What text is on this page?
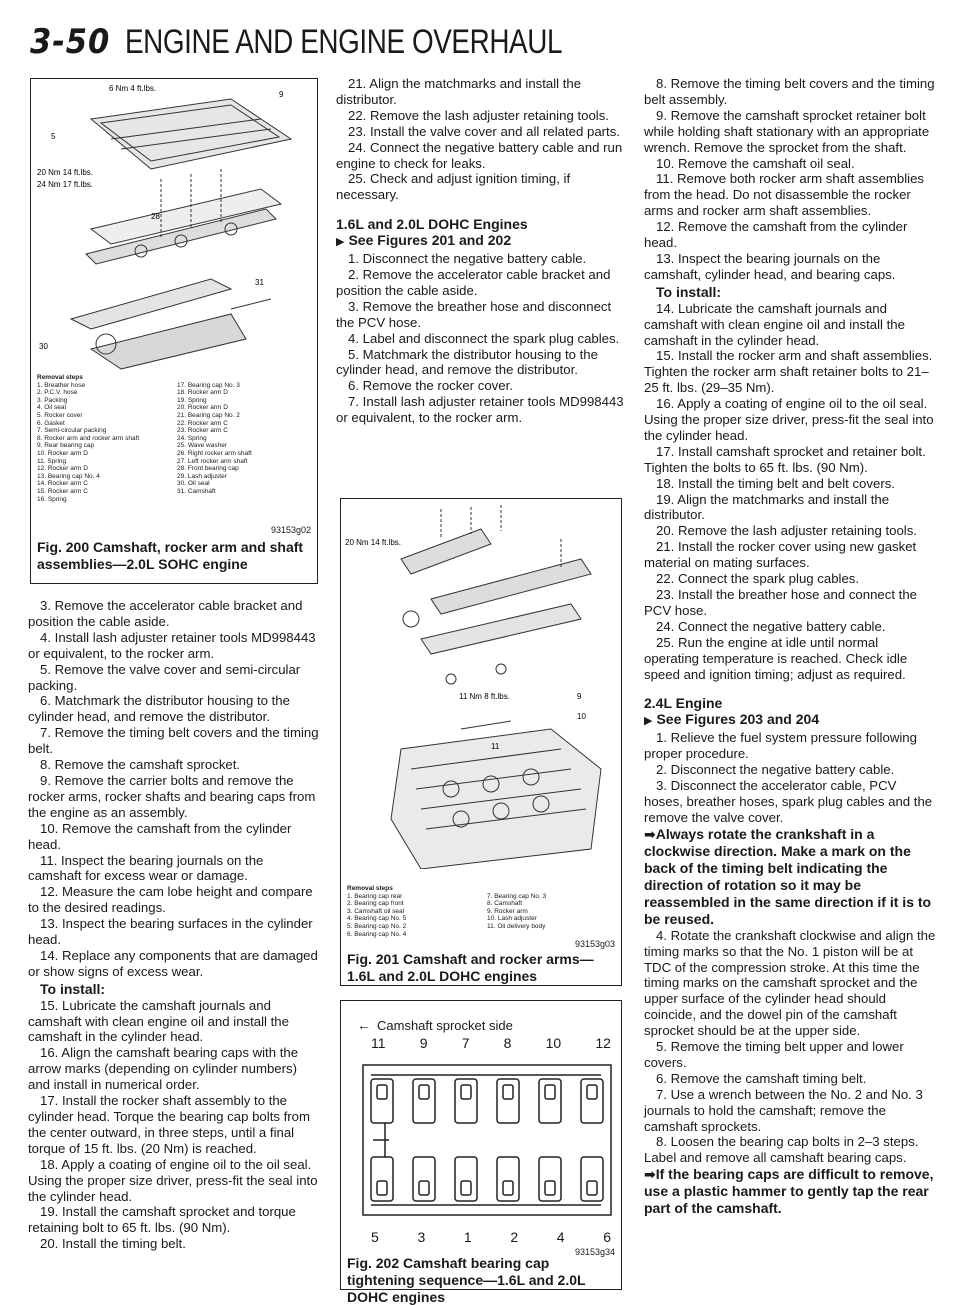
3-50 ENGINE AND ENGINE OVERHAUL
6 Nm 4 ft.lbs.
20 Nm 14 ft.lbs.
24 Nm 17 ft.lbs.
5
9
28
31
30
Removal steps
1. Breather hose
2. P.C.V. hose
3. Packing
4. Oil seal
5. Rocker cover
6. Gasket
7. Semi-circular packing
8. Rocker arm and rocker arm shaft
9. Rear bearing cap
10. Rocker arm D
11. Spring
12. Rocker arm D
13. Bearing cap No. 4
14. Rocker arm C
15. Rocker arm C
16. Spring
17. Bearing cap No. 3
18. Rocker arm D
19. Spring
20. Rocker arm D
21. Bearing cap No. 2
22. Rocker arm C
23. Rocker arm C
24. Spring
25. Wave washer
26. Right rocker arm shaft
27. Left rocker arm shaft
28. Front bearing cap
29. Lash adjuster
30. Oil seal
31. Camshaft
93153g02
Fig. 200 Camshaft, rocker arm and shaft assemblies—2.0L SOHC engine

3. Remove the accelerator cable bracket and position the cable aside.

4. Install lash adjuster retainer tools MD998443 or equivalent, to the rocker arm.

5. Remove the valve cover and semi-circular packing.

6. Matchmark the distributor housing to the cylinder head, and remove the distributor.

7. Remove the timing belt covers and the timing belt.

8. Remove the camshaft sprocket.

9. Remove the carrier bolts and remove the rocker arms, rocker shafts and bearing caps from the engine as an assembly.

10. Remove the camshaft from the cylinder head.

11. Inspect the bearing journals on the camshaft for excess wear or damage.

12. Measure the cam lobe height and compare to the desired readings.

13. Inspect the bearing surfaces in the cylinder head.

14. Replace any components that are damaged or show signs of excess wear.

To install:

15. Lubricate the camshaft journals and camshaft with clean engine oil and install the camshaft in the cylinder head.

16. Align the camshaft bearing caps with the arrow marks (depending on cylinder numbers) and install in numerical order.

17. Install the rocker shaft assembly to the cylinder head. Torque the bearing cap bolts from the center outward, in three steps, until a final torque of 15 ft. lbs. (20 Nm) is reached.

18. Apply a coating of engine oil to the oil seal. Using the proper size driver, press-fit the seal into the cylinder head.

19. Install the camshaft sprocket and torque retaining bolt to 65 ft. lbs. (90 Nm).

20. Install the timing belt.

21. Align the matchmarks and install the distributor.

22. Remove the lash adjuster retaining tools.

23. Install the valve cover and all related parts.

24. Connect the negative battery cable and run engine to check for leaks.

25. Check and adjust ignition timing, if necessary.

1.6L and 2.0L DOHC Engines

▶ See Figures 201 and 202

1. Disconnect the negative battery cable.

2. Remove the accelerator cable bracket and position the cable aside.

3. Remove the breather hose and disconnect the PCV hose.

4. Label and disconnect the spark plug cables.

5. Matchmark the distributor housing to the cylinder head, and remove the distributor.

6. Remove the rocker cover.

7. Install lash adjuster retainer tools MD998443 or equivalent, to the rocker arm.

20 Nm 14 ft.lbs.
11 Nm 8 ft.lbs.	9
10
11
Removal steps
1. Bearing cap rear
2. Bearing cap front
3. Camshaft oil seal
4. Bearing cap No. 5
5. Bearing cap No. 2
6. Bearing cap No. 4
7. Bearing cap No. 3
8. Camshaft
9. Rocker arm
10. Lash adjuster
11. Oil delivery body
93153g03
Fig. 201 Camshaft and rocker arms—1.6L and 2.0L DOHC engines
← Camshaft sprocket side
11 9 7 8 10 12
5	3	1	2	4	6
93153g34
Fig. 202 Camshaft bearing cap tightening sequence—1.6L and 2.0L DOHC engines

8. Remove the timing belt covers and the timing belt assembly.

9. Remove the camshaft sprocket retainer bolt while holding shaft stationary with an appropriate wrench. Remove the sprocket from the shaft.

10. Remove the camshaft oil seal.

11. Remove both rocker arm shaft assemblies from the head. Do not disassemble the rocker arms and rocker arm shaft assemblies.

12. Remove the camshaft from the cylinder head.

13. Inspect the bearing journals on the camshaft, cylinder head, and bearing caps.

To install:

14. Lubricate the camshaft journals and camshaft with clean engine oil and install the camshaft in the cylinder head.

15. Install the rocker arm and shaft assemblies. Tighten the rocker arm shaft retainer bolts to 21–25 ft. lbs. (29–35 Nm).

16. Apply a coating of engine oil to the oil seal. Using the proper size driver, press-fit the seal into the cylinder head.

17. Install camshaft sprocket and retainer bolt. Tighten the bolts to 65 ft. lbs. (90 Nm).

18. Install the timing belt and belt covers.

19. Align the matchmarks and install the distributor.

20. Remove the lash adjuster retaining tools.

21. Install the rocker cover using new gasket material on mating surfaces.

22. Connect the spark plug cables.

23. Install the breather hose and connect the PCV hose.

24. Connect the negative battery cable.

25. Run the engine at idle until normal operating temperature is reached. Check idle speed and ignition timing; adjust as required.

2.4L Engine

▶ See Figures 203 and 204

1. Relieve the fuel system pressure following proper procedure.

2. Disconnect the negative battery cable.

3. Disconnect the accelerator cable, PCV hoses, breather hoses, spark plug cables and the remove the valve cover.

➡Always rotate the crankshaft in a clockwise direction. Make a mark on the back of the timing belt indicating the direction of rotation so it may be reassembled in the same direction if it is to be reused.

4. Rotate the crankshaft clockwise and align the timing marks so that the No. 1 piston will be at TDC of the compression stroke. At this time the timing marks on the camshaft sprocket and the upper surface of the cylinder head should coincide, and the dowel pin of the camshaft sprocket should be at the upper side.

5. Remove the timing belt upper and lower covers.

6. Remove the camshaft timing belt.

7. Use a wrench between the No. 2 and No. 3 journals to hold the camshaft; remove the camshaft sprockets.

8. Loosen the bearing cap bolts in 2–3 steps. Label and remove all camshaft bearing caps.

➡If the bearing caps are difficult to remove, use a plastic hammer to gently tap the rear part of the camshaft.
